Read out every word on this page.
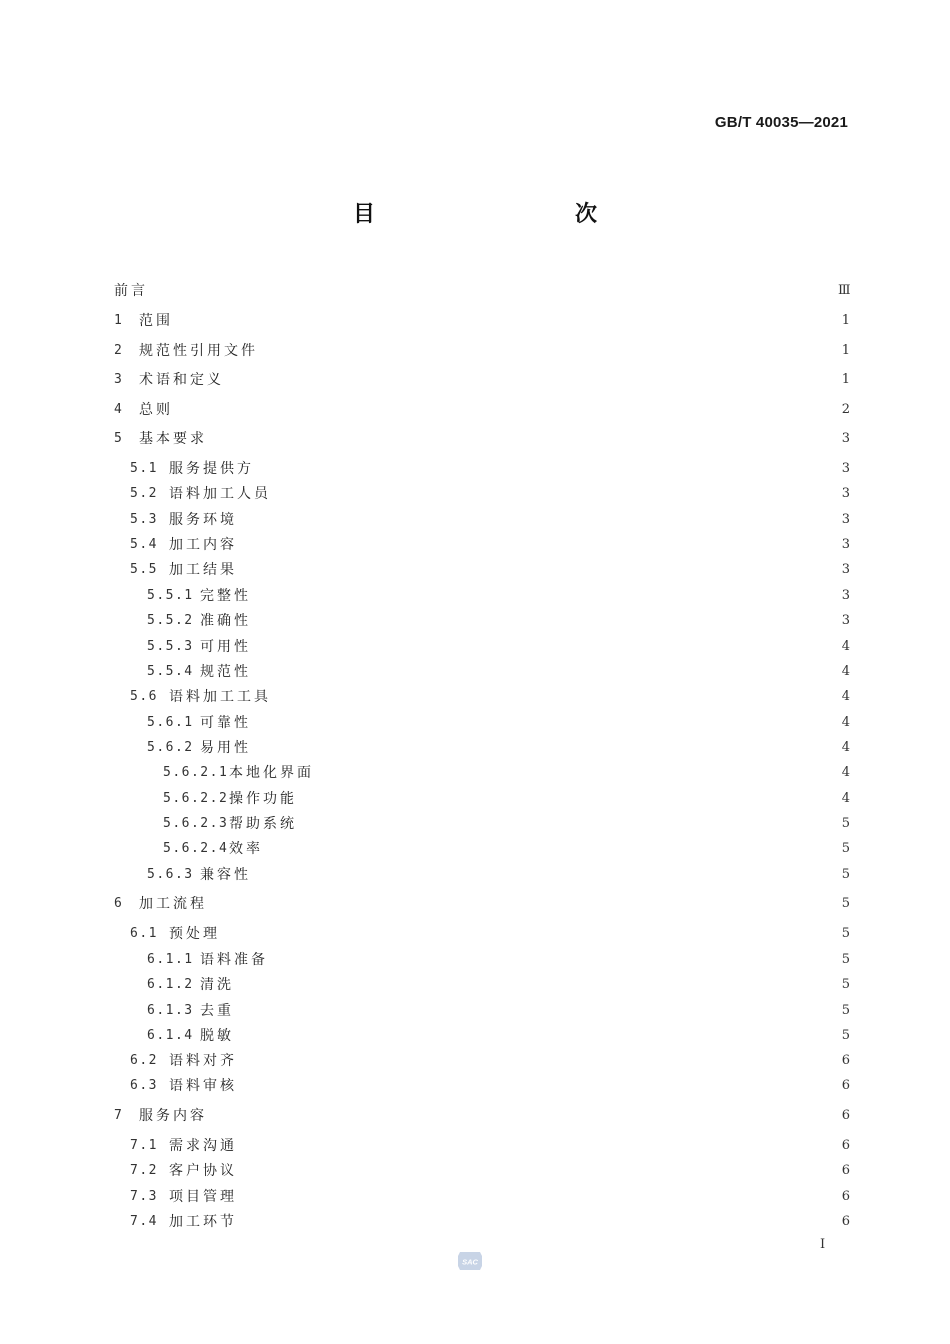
GB/T 40035—2021
目　　次
前言	Ⅲ
1	范围	1
2	规范性引用文件	1
3	术语和定义	1
4	总则	2
5	基本要求	3
5.1 服务提供方	3
5.2 语料加工人员	3
5.3 服务环境	3
5.4 加工内容	3
5.5 加工结果	3
5.5.1 完整性	3
5.5.2 准确性	3
5.5.3 可用性	4
5.5.4 规范性	4
5.6 语料加工工具	4
5.6.1 可靠性	4
5.6.2 易用性	4
5.6.2.1 本地化界面	4
5.6.2.2 操作功能	4
5.6.2.3 帮助系统	5
5.6.2.4 效率	5
5.6.3 兼容性	5
6	加工流程	5
6.1 预处理	5
6.1.1 语料准备	5
6.1.2 清洗	5
6.1.3 去重	5
6.1.4 脱敏	5
6.2 语料对齐	6
6.3 语料审核	6
7	服务内容	6
7.1 需求沟通	6
7.2 客户协议	6
7.3 项目管理	6
7.4 加工环节	6
Ⅰ
SAC
